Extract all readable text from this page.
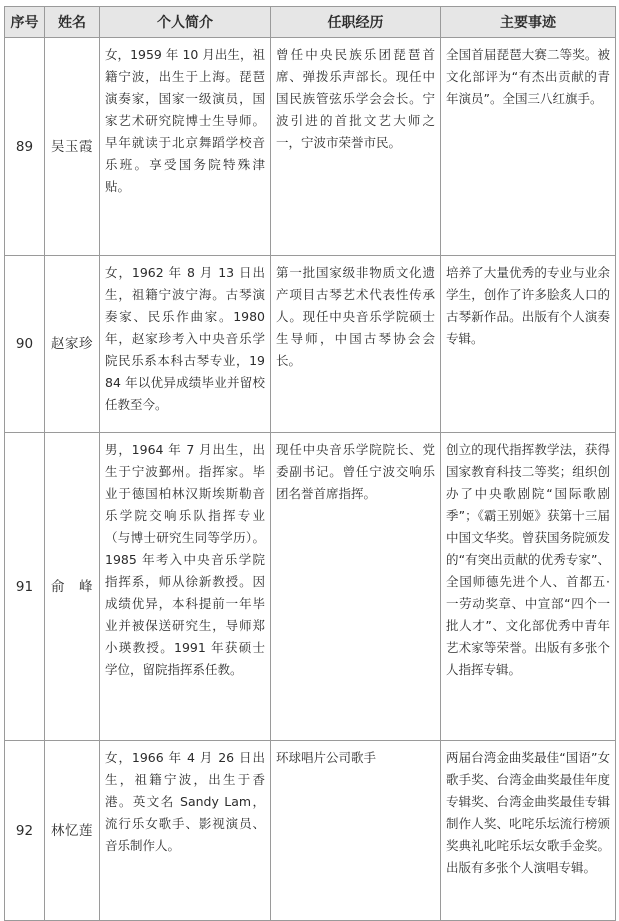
序号	姓名	个人简介	任职经历	主要事迹
89	吴玉霞	女，1959 年 10 月出生，祖籍宁波，出生于上海。琵琶演奏家，国家一级演员，国家艺术研究院博士生导师。早年就读于北京舞蹈学校音乐班。享受国务院特殊津贴。	曾任中央民族乐团琵琶首席、弹拨乐声部长。现任中国民族管弦乐学会会长。宁波引进的首批文艺大师之一，宁波市荣誉市民。	全国首届琵琶大赛二等奖。被文化部评为“有杰出贡献的青年演员”。全国三八红旗手。
90	赵家珍	女，1962 年 8 月 13 日出生，祖籍宁波宁海。古琴演奏家、民乐作曲家。1980 年，赵家珍考入中央音乐学院民乐系本科古琴专业，1984 年以优异成绩毕业并留校任教至今。	第一批国家级非物质文化遗产项目古琴艺术代表性传承人。现任中央音乐学院硕士生导师，中国古琴协会会长。	培养了大量优秀的专业与业余学生，创作了许多脍炙人口的古琴新作品。出版有个人演奏专辑。
91	俞　峰	男，1964 年 7 月出生，出生于宁波鄞州。指挥家。毕业于德国柏林汉斯埃斯勒音乐学院交响乐队指挥专业（与博士研究生同等学历）。1985 年考入中央音乐学院指挥系，师从徐新教授。因成绩优异，本科提前一年毕业并被保送研究生，导师郑小瑛教授。1991 年获硕士学位，留院指挥系任教。	现任中央音乐学院院长、党委副书记。曾任宁波交响乐团名誉首席指挥。	创立的现代指挥教学法，获得国家教育科技二等奖；组织创办了中央歌剧院“国际歌剧季”；《霸王别姬》获第十三届中国文华奖。曾获国务院颁发的“有突出贡献的优秀专家”、全国师德先进个人、首都五·一劳动奖章、中宣部“四个一批人才”、文化部优秀中青年艺术家等荣誉。出版有多张个人指挥专辑。
92	林忆莲	女，1966 年 4 月 26 日出生，祖籍宁波，出生于香港。英文名 Sandy Lam，流行乐女歌手、影视演员、音乐制作人。	环球唱片公司歌手	两届台湾金曲奖最佳“国语”女歌手奖、台湾金曲奖最佳年度专辑奖、台湾金曲奖最佳专辑制作人奖、叱咤乐坛流行榜颁奖典礼叱咤乐坛女歌手金奖。出版有多张个人演唱专辑。
